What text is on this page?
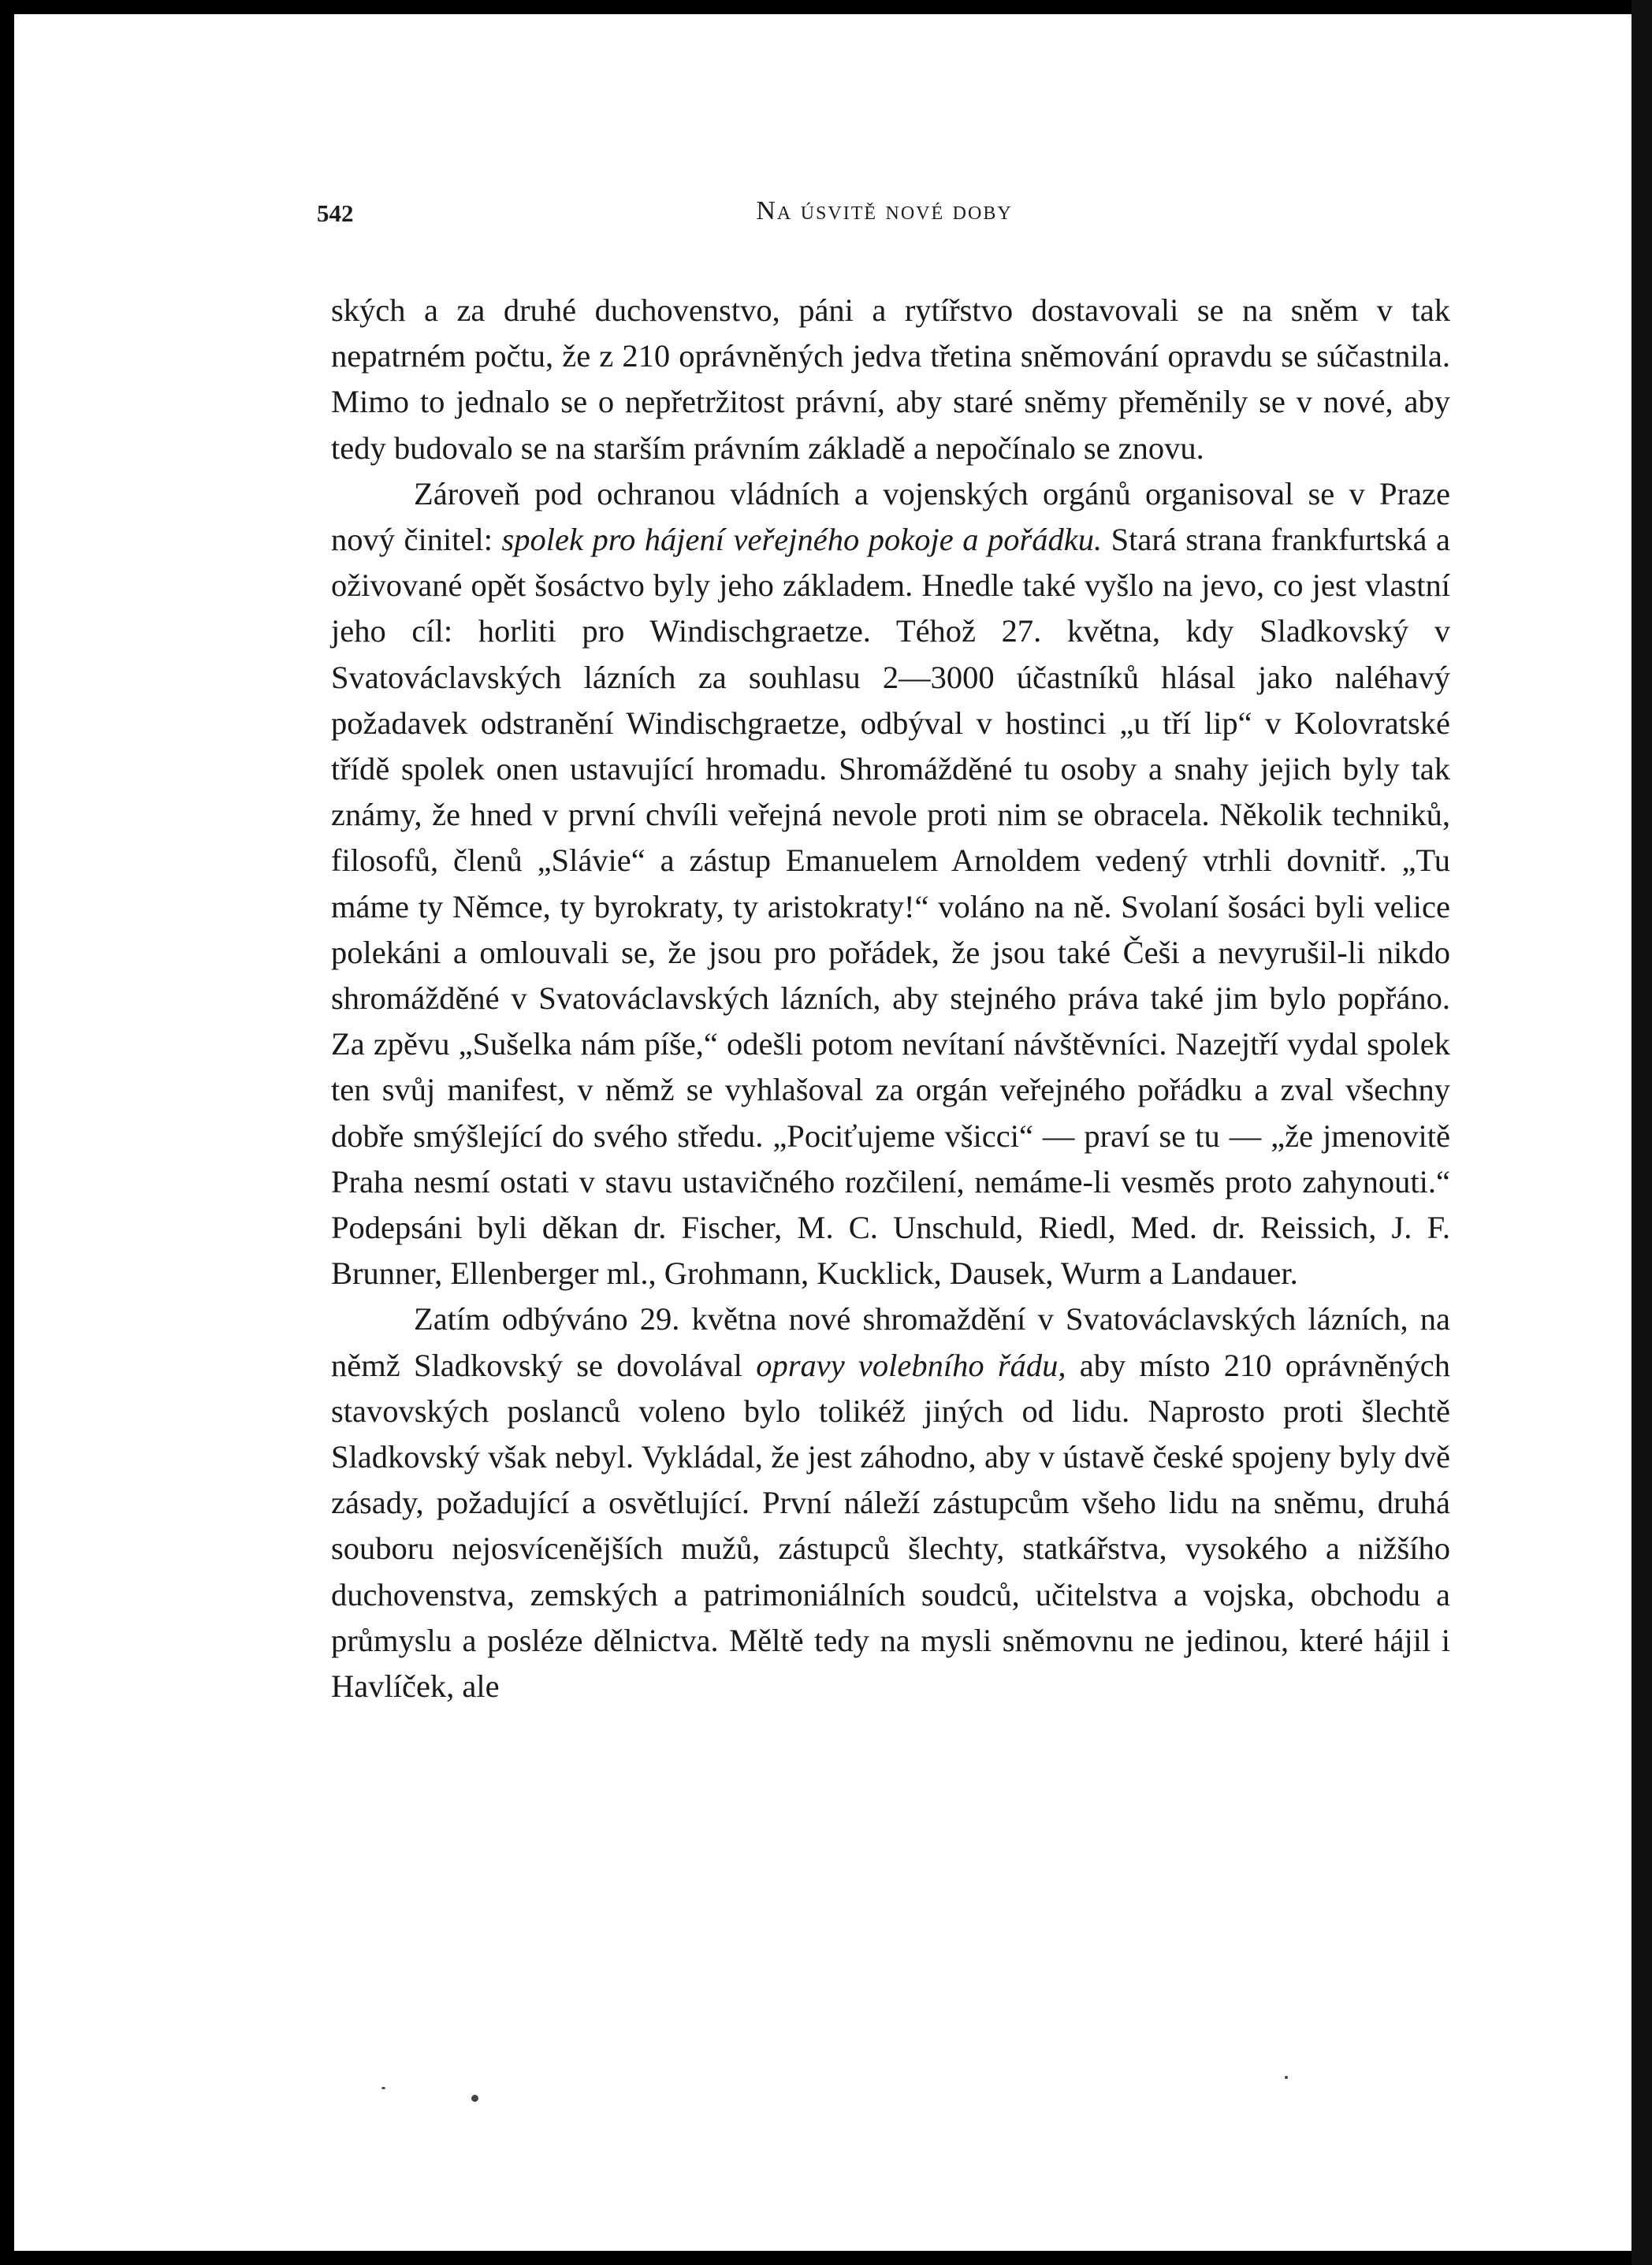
542	Na úsvitě nové doby

ských a za druhé duchovenstvo, páni a rytířstvo dostavovali se na sněm v tak nepatrném počtu, že z 210 oprávněných jedva třetina sněmování opravdu se súčastnila. Mimo to jednalo se o nepřetržitost právní, aby staré sněmy přeměnily se v nové, aby tedy budovalo se na starším právním základě a nepočínalo se znovu.

Zároveň pod ochranou vládních a vojenských orgánů organisoval se v Praze nový činitel: spolek pro hájení veřejného pokoje a pořádku. Stará strana frankfurtská a oživované opět šosáctvo byly jeho základem. Hnedle také vyšlo na jevo, co jest vlastní jeho cíl: horliti pro Windischgraetze. Téhož 27. května, kdy Sladkovský v Svatováclavských lázních za souhlasu 2—3000 účastníků hlásal jako naléhavý požadavek odstranění Windischgraetze, odbýval v hostinci „u tří lip“ v Kolovratské třídě spolek onen ustavující hromadu. Shromážděné tu osoby a snahy jejich byly tak známy, že hned v první chvíli veřejná nevole proti nim se obracela. Několik techniků, filosofů, členů „Slávie“ a zástup Emanuelem Arnoldem vedený vtrhli dovnitř. „Tu máme ty Němce, ty byrokraty, ty aristokraty!“ voláno na ně. Svolaní šosáci byli velice polekáni a omlouvali se, že jsou pro pořádek, že jsou také Češi a nevyrušil-li nikdo shromážděné v Svatováclavských lázních, aby stejného práva také jim bylo popřáno. Za zpěvu „Sušelka nám píše,“ odešli potom nevítaní návštěvníci. Nazejtří vydal spolek ten svůj manifest, v němž se vyhlašoval za orgán veřejného pořádku a zval všechny dobře smýšlející do svého středu. „Pociťujeme všicci“ — praví se tu — „že jmenovitě Praha nesmí ostati v stavu ustavičného rozčilení, nemáme-li vesměs proto zahynouti.“ Podepsáni byli děkan dr. Fischer, M. C. Unschuld, Riedl, Med. dr. Reissich, J. F. Brunner, Ellenberger ml., Grohmann, Kucklick, Dausek, Wurm a Landauer.

Zatím odbýváno 29. května nové shromaždění v Svatováclavských lázních, na němž Sladkovský se dovolával opravy volebního řádu, aby místo 210 oprávněných stavovských poslanců voleno bylo tolikéž jiných od lidu. Naprosto proti šlechtě Sladkovský však nebyl. Vykládal, že jest záhodno, aby v ústavě české spojeny byly dvě zásady, požadující a osvětlující. První náleží zástupcům všeho lidu na sněmu, druhá souboru nejosvícenějších mužů, zástupců šlechty, statkářstva, vysokého a nižšího duchovenstva, zemských a patrimoniálních soudců, učitelstva a vojska, obchodu a průmyslu a posléze dělnictva. Měltě tedy na mysli sněmovnu ne jedinou, které hájil i Havlíček, ale
